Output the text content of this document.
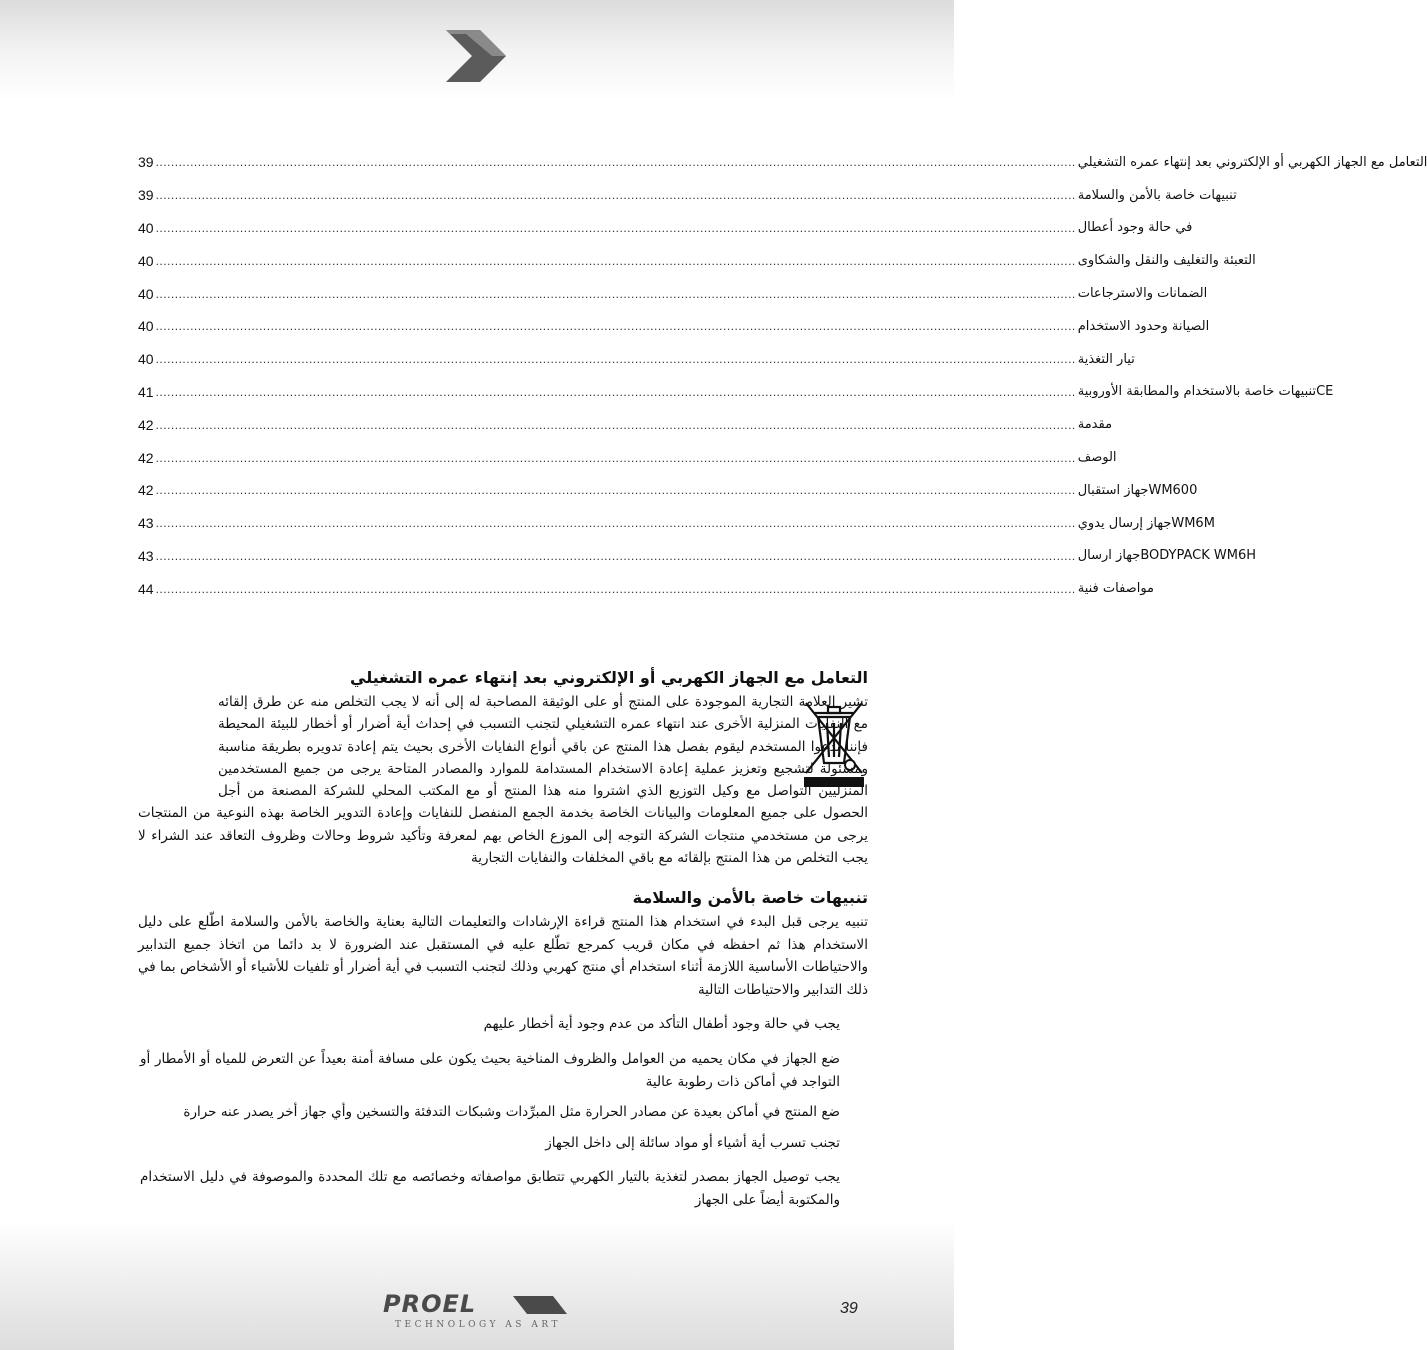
39 ................................................................................................................................................................................................................................................ التعامل مع الجهاز الكهربي أو الإلكتروني بعد إنتهاء عمره التشغيلي
39 ................................................................................................................................................................................................................................................ تنبيهات خاصة بالأمن والسلامة
40 ................................................................................................................................................................................................................................................ في حالة وجود أعطال
40 ................................................................................................................................................................................................................................................ التعبئة والتغليف والنقل والشكاوى
40 ................................................................................................................................................................................................................................................ الضمانات والاسترجاعات
40 ................................................................................................................................................................................................................................................ الصيانة وحدود الاستخدام
40 ................................................................................................................................................................................................................................................ تيار التغذية
41 ................................................................................................................................................................................................................................................ CEتنبيهات خاصة بالاستخدام والمطابقة الأوروبية
42 ................................................................................................................................................................................................................................................ مقدمة
42 ................................................................................................................................................................................................................................................ الوصف
42 ................................................................................................................................................................................................................................................ WM600جهاز استقبال
43 ................................................................................................................................................................................................................................................ WM6Mجهاز إرسال يدوي
43 ................................................................................................................................................................................................................................................ BODYPACK WM6Hجهاز ارسال
44 ................................................................................................................................................................................................................................................ مواصفات فنية
التعامل مع الجهاز الكهربي أو الإلكتروني بعد إنتهاء عمره التشغيلي

تشير العلامة التجارية الموجودة على المنتج أو على الوثيقة المصاحبة له إلى أنه لا يجب التخلص منه عن طرق إلقائه مع النفايات المنزلية الأخرى عند انتهاء عمره التشغيلي لتجنب التسبب في إحداث أية أضرار أو أخطار للبيئة المحيطة فإننا ندعوا المستخدم ليقوم بفصل هذا المنتج عن باقي أنواع النفايات الأخرى بحيث يتم إعادة تدويره بطريقة مناسبة ومسئولة لتشجيع وتعزيز عملية إعادة الاستخدام المستدامة للموارد والمصادر المتاحة يرجى من جميع المستخدمين المنزليين التواصل مع وكيل التوزيع الذي اشتروا منه هذا المنتج أو مع المكتب المحلي للشركة المصنعة من أجل الحصول على جميع المعلومات والبيانات الخاصة بخدمة الجمع المنفصل للنفايات وإعادة التدوير الخاصة بهذه النوعية من المنتجات يرجى من مستخدمي منتجات الشركة التوجه إلى الموزع الخاص بهم لمعرفة وتأكيد شروط وحالات وظروف التعاقد عند الشراء لا يجب التخلص من هذا المنتج بإلقائه مع باقي المخلفات والنفايات التجارية

تنبيهات خاصة بالأمن والسلامة

تنبيه يرجى قبل البدء في استخدام هذا المنتج قراءة الإرشادات والتعليمات التالية بعناية والخاصة بالأمن والسلامة اطّلع على دليل الاستخدام هذا ثم احفظه في مكان قريب كمرجع تطّلع عليه في المستقبل عند الضرورة لا بد دائما من اتخاذ جميع التدابير والاحتياطات الأساسية اللازمة أثناء استخدام أي منتج كهربي وذلك لتجنب التسبب في أية أضرار أو تلفيات للأشياء أو الأشخاص بما في ذلك التدابير والاحتياطات التالية

يجب في حالة وجود أطفال التأكد من عدم وجود أية أخطار عليهم

ضع الجهاز في مكان يحميه من العوامل والظروف المناخية بحيث يكون على مسافة أمنة بعيداً عن التعرض للمياه أو الأمطار أو التواجد في أماكن ذات رطوبة عالية

ضع المنتج في أماكن بعيدة عن مصادر الحرارة مثل المبرِّدات وشبكات التدفئة والتسخين وأي جهاز أخر يصدر عنه حرارة

تجنب تسرب أية أشياء أو مواد سائلة إلى داخل الجهاز

يجب توصيل الجهاز بمصدر لتغذية بالتيار الكهربي تتطابق مواصفاته وخصائصه مع تلك المحددة والموصوفة في دليل الاستخدام والمكتوبة أيضاً على الجهاز

PROEL
TECHNOLOGY AS ART
39
